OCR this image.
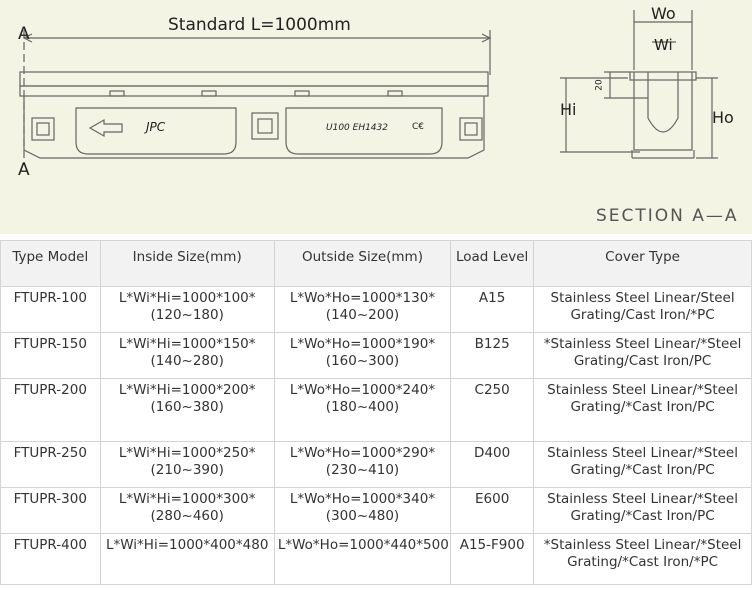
Standard L=1000mm
A
A
JPC	U100 EH1432	C€
Wo
Wi
Hi	Ho
20
SECTION A—A
Type Model	Inside Size(mm)	Outside Size(mm)	Load Level	Cover Type
FTUPR-100	L*Wi*Hi=1000*100*(120~180)	L*Wo*Ho=1000*130*(140~200)	A15	Stainless Steel Linear/Steel Grating/Cast Iron/*PC
FTUPR-150	L*Wi*Hi=1000*150*(140~280)	L*Wo*Ho=1000*190*(160~300)	B125	*Stainless Steel Linear/*Steel Grating/Cast Iron/PC
FTUPR-200	L*Wi*Hi=1000*200*(160~380)	L*Wo*Ho=1000*240*(180~400)	C250	Stainless Steel Linear/*Steel Grating/*Cast Iron/PC
FTUPR-250	L*Wi*Hi=1000*250*(210~390)	L*Wo*Ho=1000*290*(230~410)	D400	Stainless Steel Linear/*Steel Grating/*Cast Iron/PC
FTUPR-300	L*Wi*Hi=1000*300*(280~460)	L*Wo*Ho=1000*340*(300~480)	E600	Stainless Steel Linear/*Steel Grating/*Cast Iron/PC
FTUPR-400	L*Wi*Hi=1000*400*480	L*Wo*Ho=1000*440*500	A15-F900	*Stainless Steel Linear/*Steel Grating/*Cast Iron/*PC
